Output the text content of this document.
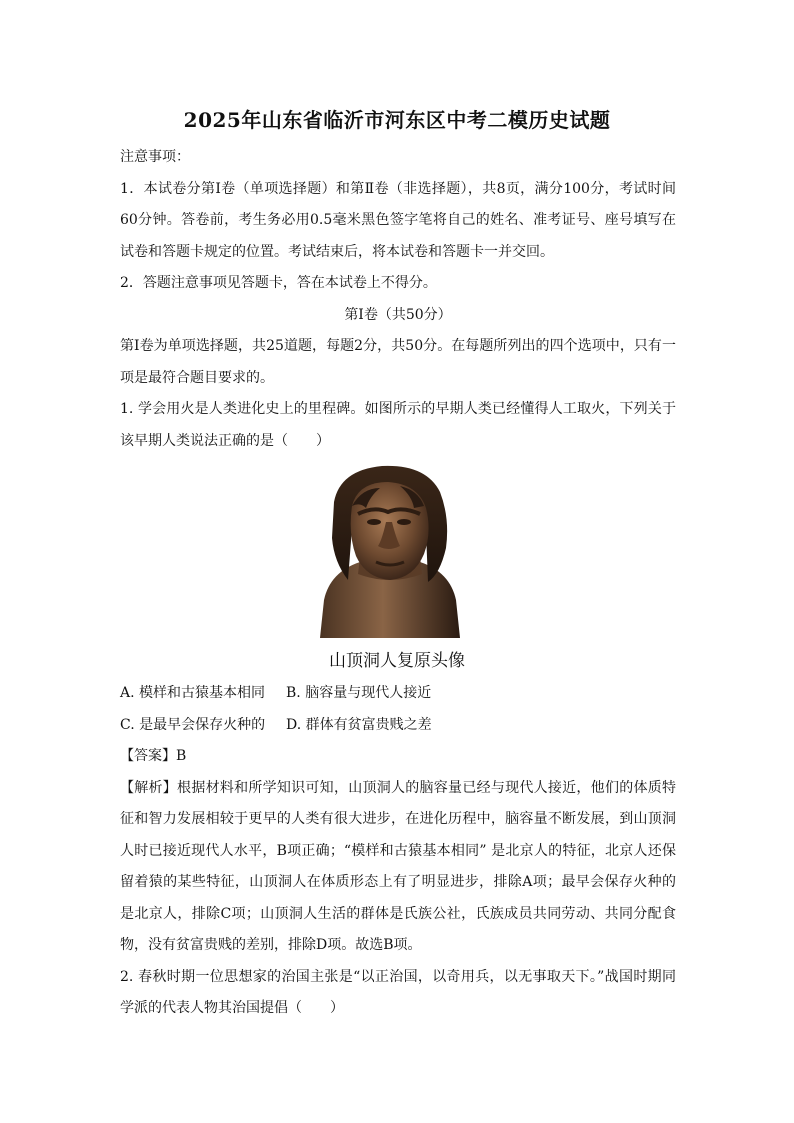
2025年山东省临沂市河东区中考二模历史试题

注意事项：

1．本试卷分第Ⅰ卷（单项选择题）和第Ⅱ卷（非选择题），共8页，满分100分，考试时间60分钟。答卷前，考生务必用0.5毫米黑色签字笔将自己的姓名、准考证号、座号填写在试卷和答题卡规定的位置。考试结束后，将本试卷和答题卡一并交回。

2．答题注意事项见答题卡，答在本试卷上不得分。

第Ⅰ卷（共50分）

第Ⅰ卷为单项选择题，共25道题，每题2分，共50分。在每题所列出的四个选项中，只有一项是最符合题目要求的。

1. 学会用火是人类进化史上的里程碑。如图所示的早期人类已经懂得人工取火，下列关于该早期人类说法正确的是（　　）

山顶洞人复原头像
A. 模样和古猿基本相同	B. 脑容量与现代人接近
C. 是最早会保存火种的	D. 群体有贫富贵贱之差

【答案】B

【解析】根据材料和所学知识可知，山顶洞人的脑容量已经与现代人接近，他们的体质特征和智力发展相较于更早的人类有很大进步，在进化历程中，脑容量不断发展，到山顶洞人时已接近现代人水平，B项正确；“模样和古猿基本相同” 是北京人的特征，北京人还保留着猿的某些特征，山顶洞人在体质形态上有了明显进步，排除A项；最早会保存火种的是北京人，排除C项；山顶洞人生活的群体是氏族公社，氏族成员共同劳动、共同分配食物，没有贫富贵贱的差别，排除D项。故选B项。

2. 春秋时期一位思想家的治国主张是“以正治国，以奇用兵，以无事取天下。”战国时期同学派的代表人物其治国提倡（　　）
